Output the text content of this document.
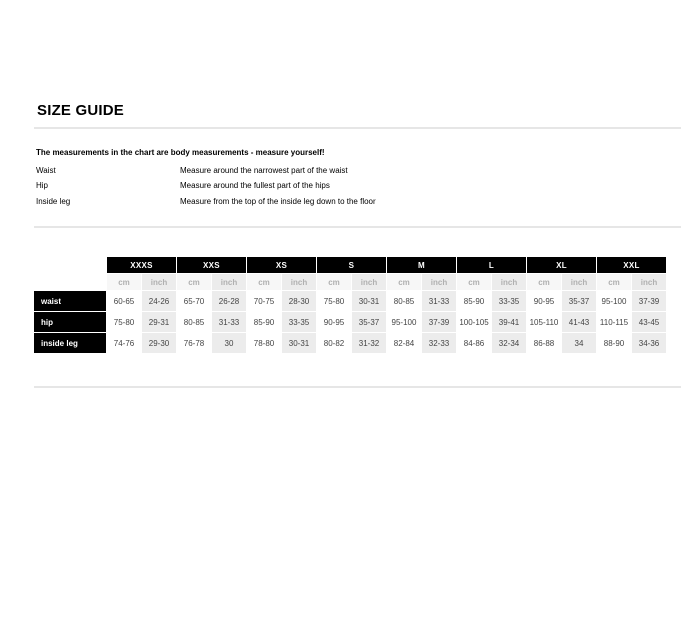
SIZE GUIDE
The measurements in the chart are body measurements - measure yourself!
Waist	Measure around the narrowest part of the waist
Hip	Measure around the fullest part of the hips
Inside leg	Measure from the top of the inside leg down to the floor
	XXXS		XXS		XS		S		M		L		XL		XXL	
	cm	inch	cm	inch	cm	inch	cm	inch	cm	inch	cm	inch	cm	inch	cm	inch
waist	60-65	24-26	65-70	26-28	70-75	28-30	75-80	30-31	80-85	31-33	85-90	33-35	90-95	35-37	95-100	37-39
hip	75-80	29-31	80-85	31-33	85-90	33-35	90-95	35-37	95-100	37-39	100-105	39-41	105-110	41-43	110-115	43-45
inside leg	74-76	29-30	76-78	30	78-80	30-31	80-82	31-32	82-84	32-33	84-86	32-34	86-88	34	88-90	34-36
